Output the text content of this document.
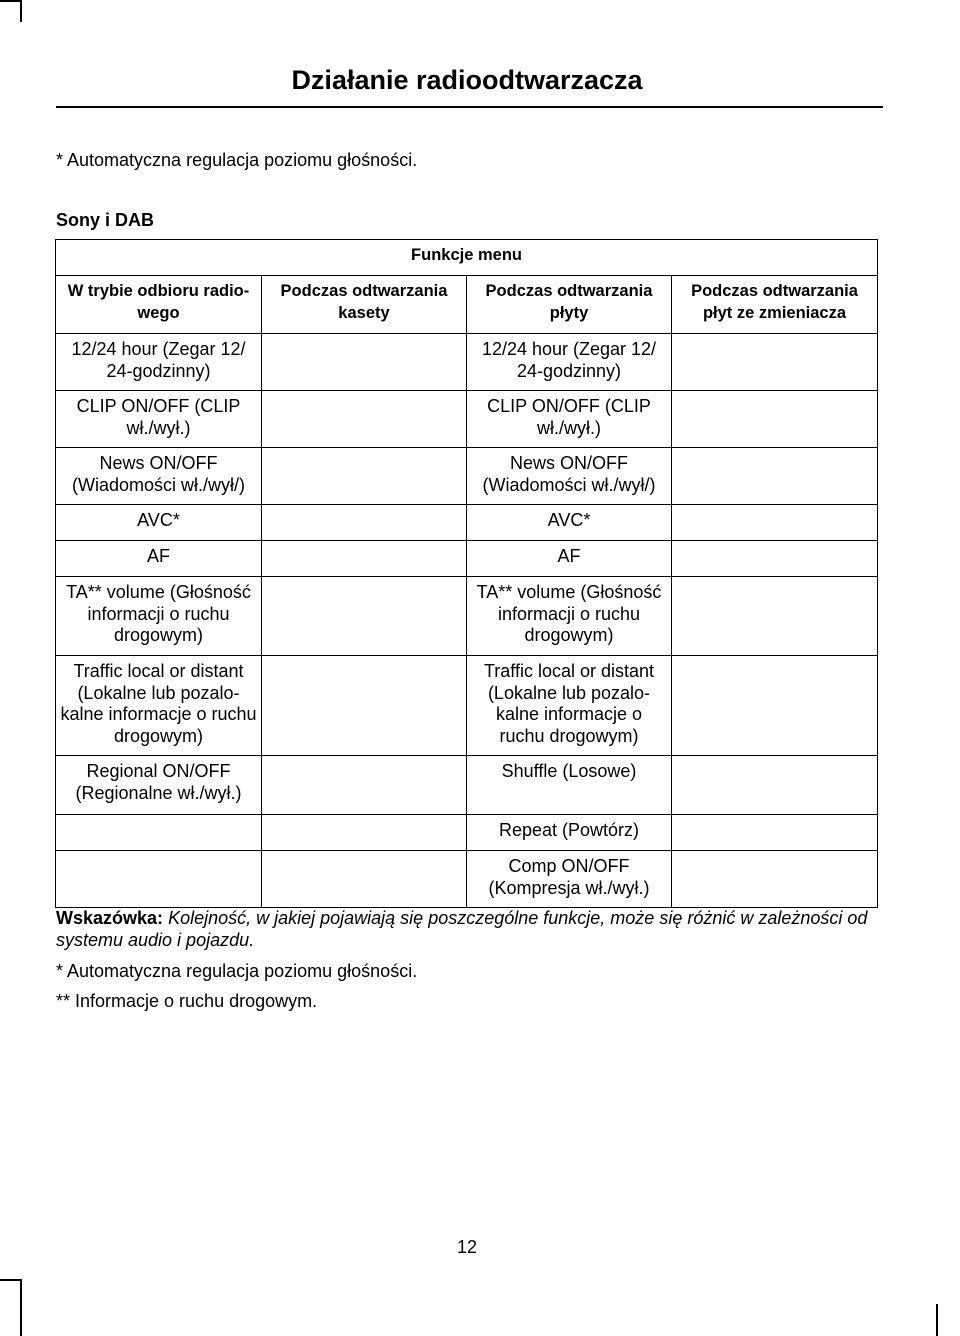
Działanie radioodtwarzacza
* Automatyczna regulacja poziomu głośności.
Sony i DAB
Funkcje menu			
W trybie odbioru radio-wego	Podczas odtwarzania kasety	Podczas odtwarzania płyty	Podczas odtwarzania płyt ze zmieniacza
12/24 hour (Zegar 12/ 24-godzinny)		12/24 hour (Zegar 12/ 24-godzinny)	
CLIP ON/OFF (CLIP wł./wył.)		CLIP ON/OFF (CLIP wł./wył.)	
News ON/OFF (Wiadomości wł./wył/)		News ON/OFF (Wiadomości wł./wył/)	
AVC*		AVC*	
AF		AF	
TA** volume (Głośność informacji o ruchu drogowym)		TA** volume (Głośność informacji o ruchu drogowym)	
Traffic local or distant (Lokalne lub pozalo-kalne informacje o ruchu drogowym)		Traffic local or distant (Lokalne lub pozalo-kalne informacje o ruchu drogowym)	
Regional ON/OFF (Regionalne wł./wył.)		Shuffle (Losowe)	
		Repeat (Powtórz)	
		Comp ON/OFF (Kompresja wł./wył.)	
Wskazówka: Kolejność, w jakiej pojawiają się poszczególne funkcje, może się różnić w zależności od systemu audio i pojazdu.
* Automatyczna regulacja poziomu głośności.
** Informacje o ruchu drogowym.
12
